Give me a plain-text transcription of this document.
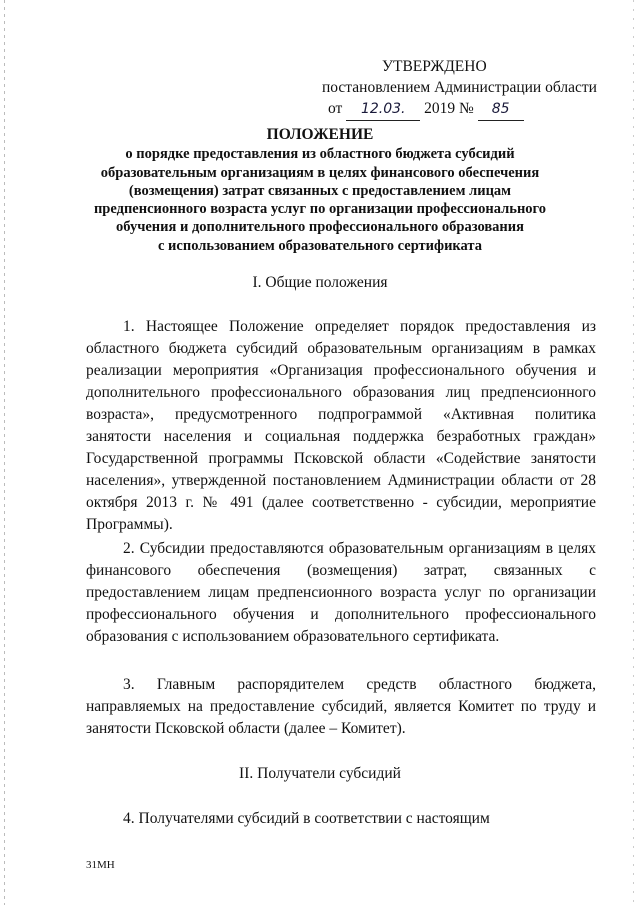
УТВЕРЖДЕНО
постановлением Администрации области
от 12.03. 2019 № 85
ПОЛОЖЕНИЕ
о порядке предоставления из областного бюджета субсидий
образовательным организациям в целях финансового обеспечения
(возмещения) затрат связанных с предоставлением лицам
предпенсионного возраста услуг по организации профессионального
обучения и дополнительного профессионального образования
с использованием образовательного сертификата
I. Общие положения

1. Настоящее Положение определяет порядок предоставления из областного бюджета субсидий образовательным организациям в рамках реализации мероприятия «Организация профессионального обучения и дополнительного профессионального образования лиц предпенсионного возраста», предусмотренного подпрограммой «Активная политика занятости населения и социальная поддержка безработных граждан» Государственной программы Псковской области «Содействие занятости населения», утвержденной постановлением Администрации области от 28 октября 2013 г. № 491 (далее соответственно - субсидии, мероприятие Программы).

2. Субсидии предоставляются образовательным организациям в целях финансового обеспечения (возмещения) затрат, связанных с предоставлением лицам предпенсионного возраста услуг по организации профессионального обучения и дополнительного профессионального образования с использованием образовательного сертификата.

3. Главным распорядителем средств областного бюджета, направляемых на предоставление субсидий, является Комитет по труду и занятости Псковской области (далее – Комитет).

II. Получатели субсидий

4. Получателями субсидий в соответствии с настоящим

31МН
